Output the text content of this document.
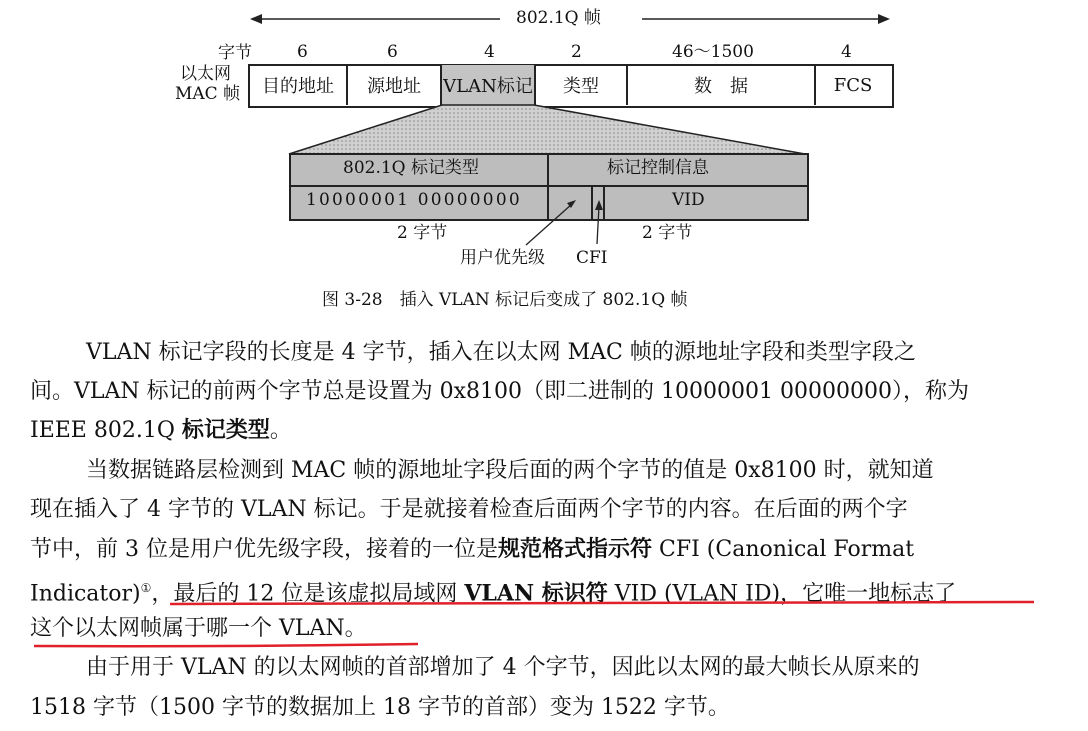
802.1Q 帧
字节	6	6	4	2	46～1500	4
以太网
MAC 帧	目的地址	源地址	VLAN标记	类型	数　据	FCS
802.1Q 标记类型	标记控制信息
10000001 00000000	VID
2 字节	2 字节
用户优先级 CFI
图 3-28　插入 VLAN 标记后变成了 802.1Q 帧
VLAN 标记字段的长度是 4 字节，插入在以太网 MAC 帧的源地址字段和类型字段之
间。VLAN 标记的前两个字节总是设置为 0x8100（即二进制的 10000001 00000000），称为
IEEE 802.1Q 标记类型。
当数据链路层检测到 MAC 帧的源地址字段后面的两个字节的值是 0x8100 时，就知道
现在插入了 4 字节的 VLAN 标记。于是就接着检查后面两个字节的内容。在后面的两个字
节中，前 3 位是用户优先级字段，接着的一位是规范格式指示符 CFI (Canonical Format
Indicator)①，最后的 12 位是该虚拟局域网 VLAN 标识符 VID (VLAN ID)，它唯一地标志了
这个以太网帧属于哪一个 VLAN。
由于用于 VLAN 的以太网帧的首部增加了 4 个字节，因此以太网的最大帧长从原来的
1518 字节（1500 字节的数据加上 18 字节的首部）变为 1522 字节。
